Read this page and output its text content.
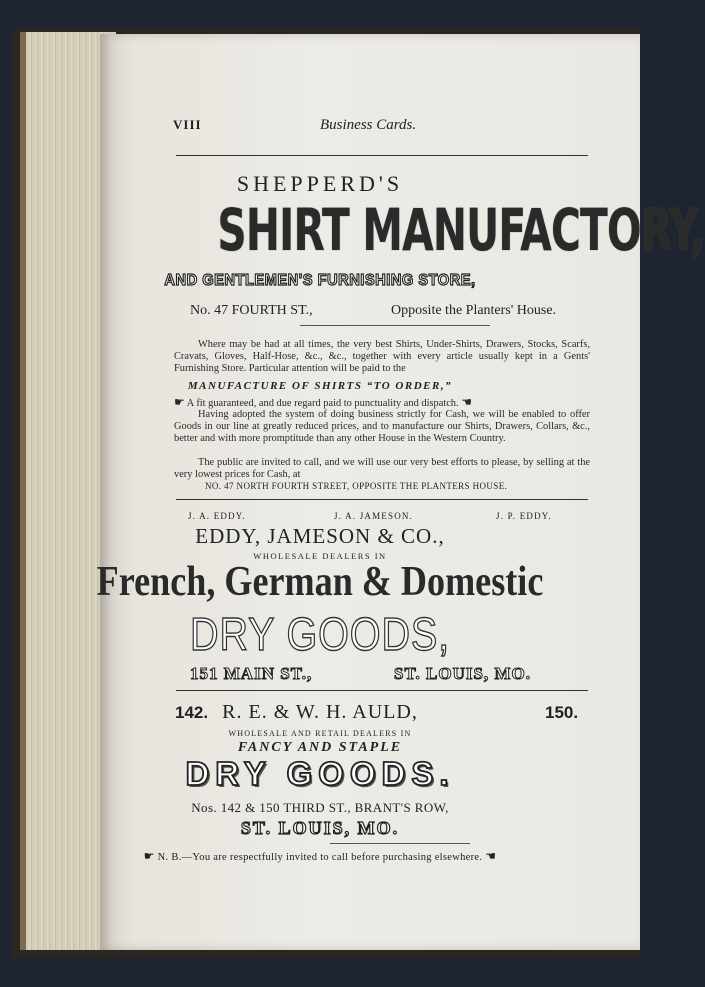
VIII	Business Cards.
SHEPPERD'S
SHIRT MANUFACTORY,
AND GENTLEMEN'S FURNISHING STORE,
No. 47 FOURTH ST.,	Opposite the Planters' House.
Where may be had at all times, the very best Shirts, Under-Shirts, Drawers, Stocks, Scarfs, Cravats, Gloves, Half-Hose, &c., &c., together with every article usually kept in a Gents' Furnishing Store. Particular attention will be paid to the
MANUFACTURE OF SHIRTS “TO ORDER,”
☛ A fit guaranteed, and due regard paid to punctuality and dispatch. ☚
Having adopted the system of doing business strictly for Cash, we will be enabled to offer Goods in our line at greatly reduced prices, and to manufacture our Shirts, Drawers, Collars, &c., better and with more promptitude than any other House in the Western Country.
The public are invited to call, and we will use our very best efforts to please, by selling at the very lowest prices for Cash, at
NO. 47 NORTH FOURTH STREET, OPPOSITE THE PLANTERS HOUSE.
J. A. EDDY.	J. A. JAMESON.	J. P. EDDY.
EDDY, JAMESON & CO.,
WHOLESALE DEALERS IN
French, German & Domestic
DRY GOODS,
151 MAIN ST.,	ST. LOUIS, MO.
142. R. E. & W. H. AULD,	150.
WHOLESALE AND RETAIL DEALERS IN
FANCY AND STAPLE
DRY GOODS.
Nos. 142 & 150 THIRD ST., BRANT'S ROW,
ST. LOUIS, MO.
☛ N. B.—You are respectfully invited to call before purchasing elsewhere. ☚
